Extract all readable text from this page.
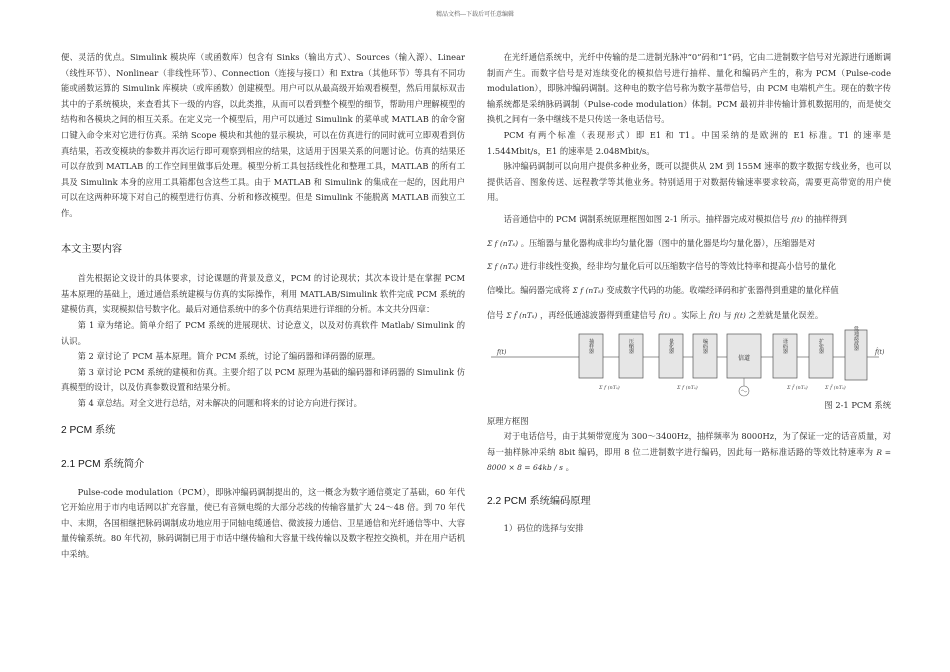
精品文档---下载后可任意编辑

便、灵活的优点。Simulink 模块库（或函数库）包含有 Sinks（输出方式）、Sources（输入源）、Linear（线性环节）、Nonlinear（非线性环节）、Connection（连接与接口）和 Extra（其他环节）等具有不同功能或函数运算的 Simulink 库模块（或库函数）创建模型。用户可以从最高级开始观看模型，然后用鼠标双击其中的子系统模块，来查看其下一级的内容，以此类推，从而可以看到整个模型的细节，帮助用户理解模型的结构和各模块之间的相互关系。在定义完一个模型后，用户可以通过 Simulink 的菜单或 MATLAB 的命令窗口键入命令来对它进行仿真。采纳 Scope 模块和其他的显示模块，可以在仿真进行的同时就可立即观看到仿真结果，若改变模块的参数并再次运行即可观察到相应的结果，这适用于因果关系的问题讨论。仿真的结果还可以存放到 MATLAB 的工作空间里做事后处理。模型分析工具包括线性化和整理工具，MATLAB 的所有工具及 Simulink 本身的应用工具箱都包含这些工具。由于 MATLAB 和 Simulink 的集成在一起的，因此用户可以在这两种环境下对自己的模型进行仿真、分析和修改模型。但是 Simulink 不能脱离 MATLAB 而独立工作。

本文主要内容

首先根据论文设计的具体要求，讨论课题的背景及意义，PCM 的讨论现状；其次本设计是在掌握 PCM 基本原理的基础上，通过通信系统建模与仿真的实际操作，利用 MATLAB/Simulink 软件完成 PCM 系统的建模仿真，实现模拟信号数字化。最后对通信系统中的多个仿真结果进行详细的分析。本文共分四章：

第 1 章为绪论。简单介绍了 PCM 系统的进展现状、讨论意义，以及对仿真软件 Matlab/ Simulink 的认识。

第 2 章讨论了 PCM 基本原理。简介 PCM 系统，讨论了编码器和译码器的原理。

第 3 章讨论 PCM 系统的建模和仿真。主要介绍了以 PCM 原理为基础的编码器和译码器的 Simulink 仿真模型的设计，以及仿真参数设置和结果分析。

第 4 章总结。对全文进行总结，对未解决的问题和将来的讨论方向进行探讨。

2 PCM 系统
2.1 PCM 系统简介

Pulse-code modulation（PCM），即脉冲编码调制提出的，这一概念为数字通信奠定了基础，60 年代它开始应用于市内电话网以扩充容量，使已有音频电缆的大部分芯线的传输容量扩大 24～48 倍。到 70 年代中、末期，各国相继把脉码调制成功地应用于同轴电缆通信、微波接力通信、卫星通信和光纤通信等中、大容量传输系统。80 年代初，脉码调制已用于市话中继传输和大容量干线传输以及数字程控交换机，并在用户话机中采纳。

在光纤通信系统中，光纤中传输的是二进制光脉冲“0”码和“1”码，它由二进制数字信号对光源进行通断调制而产生。而数字信号是对连续变化的模拟信号进行抽样、量化和编码产生的，称为 PCM（Pulse-code modulation），即脉冲编码调制。这种电的数字信号称为数字基带信号，由 PCM 电端机产生。现在的数字传输系统都是采纳脉码调制（Pulse-code modulation）体制。PCM 最初并非传输计算机数据用的，而是使交换机之间有一条中继线不是只传送一条电话信号。

PCM 有两个标准（表现形式）即 E1 和 T1。中国采纳的是欧洲的 E1 标准。T1 的速率是 1.544Mbit/s，E1 的速率是 2.048Mbit/s。

脉冲编码调制可以向用户提供多种业务，既可以提供从 2M 到 155M 速率的数字数据专线业务，也可以提供话音、图象传送、远程教学等其他业务。特别适用于对数据传输速率要求较高，需要更高带宽的用户使用。

话音通信中的 PCM 调制系统原理框图如图 2-1 所示。抽样器完成对模拟信号 f(t) 的抽样得到

Σ f (nTₛ) 。压缩器与量化器构成非均匀量化器（图中的量化器是均匀量化器），压缩器是对

Σ f (nTₛ) 进行非线性变换，经非均匀量化后可以压缩数字信号的等效比特率和提高小信号的量化

信噪比。编码器完成将 Σ f (nTₛ) 变成数字代码的功能。收端经译码和扩张器得到重建的量化样值

信号 Σ f̂ (nTₛ) ，再经低通滤波器得到重建信号 f̂(t) 。实际上 f̂(t) 与 f(t) 之差就是量化误差。

f(t)	抽样器	压缩器	量化器	编码器
信道
译码器	扩张器	低通滤波器
f̂(t)
Σ f (nTₛ)	Σ f (nTₛ)	Σ f̂ (nTₛ)	Σ f̂ (nTₛ)

图 2-1 PCM 系统

原理方框图

对于电话信号，由于其频带宽度为 300～3400Hz，抽样频率为 8000Hz，为了保证一定的话音质量，对每一抽样脉冲采纳 8bit 编码，即用 8 位二进制数字进行编码，因此每一路标准话路的等效比特速率为 R = 8000 × 8 = 64kb / s 。

2.2 PCM 系统编码原理

1）码位的选择与安排
